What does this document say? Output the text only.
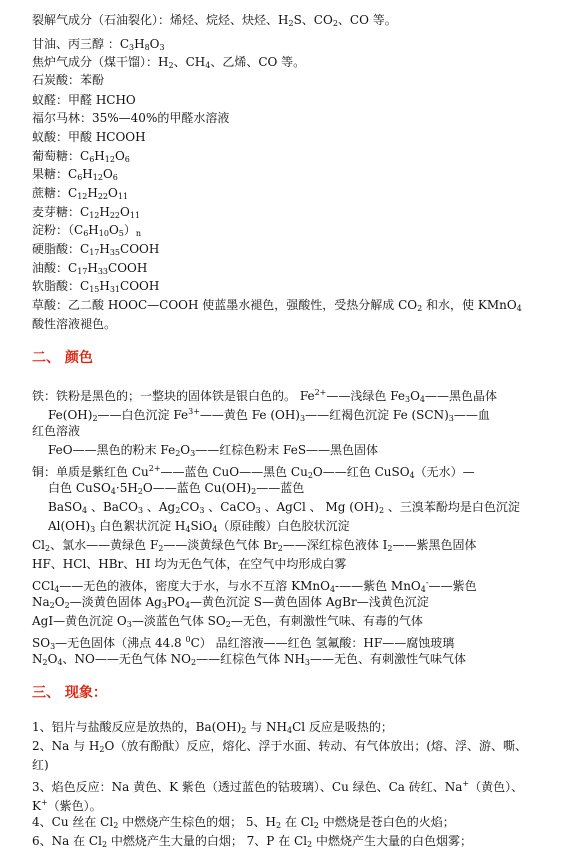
裂解气成分（石油裂化）：烯烃、烷烃、炔烃、$H_2S$、$CO_2$、CO 等。
甘油、丙三醇 ：$C_3H_8O_3$
焦炉气成分（煤干馏）：$H_2$、$CH_4$、乙烯、CO 等。
石炭酸：苯酚
蚁醛：甲醛 HCHO
福尔马林：35%—40%的甲醛水溶液
蚁酸：甲酸 HCOOH
葡萄糖：$C_6H_{12}O_6$
果糖：$C_6H_{12}O_6$
蔗糖：$C_{12}H_{22}O_{11}$
麦芽糖：$C_{12}H_{22}O_{11}$
淀粉：$(C_6H_{10}O_5)_n$
硬脂酸：$C_{17}H_{35}COOH$
油酸：$C_{17}H_{33}COOH$
软脂酸：$C_{15}H_{31}COOH$
草酸：乙二酸 HOOC—COOH 使蓝墨水褪色，强酸性，受热分解成 $CO_2$ 和水，使 KMnO$_4$
酸性溶液褪色。
二、 颜色
铁：铁粉是黑色的；一整块的固体铁是银白色的。 $Fe^{2+}——$浅绿色 $Fe_3O_4——$黑色晶体
$Fe(OH)_2——$白色沉淀 $Fe^{3+}——$黄色 Fe $(OH)_3——$红褐色沉淀 Fe $(SCN)_3——$血
红色溶液
FeO——黑色的粉末 $Fe_2O_3——$红棕色粉末 FeS——黑色固体
铜：单质是紫红色 $Cu^{2+}——$蓝色 CuO——黑色 $Cu_2O——$红色 CuSO$_4$（无水）—
白色 $CuSO_4\cdot 5H_2O——$蓝色 $Cu(OH)_2——$蓝色
BaSO$_4$ 、BaCO$_3$ 、$Ag_2CO_3$ 、CaCO$_3$ 、AgCl 、 Mg $(OH)_2$ 、三溴苯酚均是白色沉淀
$Al(OH)_3$ 白色絮状沉淀 $H_4SiO_4$（原硅酸）白色胶状沉淀
$Cl_2$、氯水——黄绿色 $F_2——$淡黄绿色气体 $Br_2——$深红棕色液体 $I_2——$紫黑色固体
HF、HCl、HBr、HI 均为无色气体，在空气中均形成白雾
CCl$_4$——无色的液体，密度大于水，与水不互溶 KMnO$_4$-——紫色 MnO$_4$-——紫色
$Na_2O_2—$淡黄色固体 $Ag_3PO_4—$黄色沉淀 S—黄色固体 AgBr—浅黄色沉淀
AgI—黄色沉淀 $O_3—$淡蓝色气体 $SO_2—$无色，有刺激性气味、有毒的气体
$SO_3—$无色固体（沸点 44.8 $^0$C） 品红溶液——红色 氢氟酸：HF——腐蚀玻璃
$N_2O_4$、NO——无色气体 $NO_2——$红棕色气体 $NH_3——$无色、有刺激性气味气体
三、 现象：
1、铝片与盐酸反应是放热的，$Ba(OH)_2$ 与 $NH_4Cl$ 反应是吸热的；
2、Na 与 $H_2O$（放有酚酞）反应，熔化、浮于水面、转动、有气体放出；(熔、浮、游、嘶、
红)
3、焰色反应：Na 黄色、K 紫色（透过蓝色的钴玻璃）、Cu 绿色、Ca 砖红、Na+（黄色）、
K+（紫色）。
4、Cu 丝在 $Cl_2$ 中燃烧产生棕色的烟； 5、$H_2$ 在 $Cl_2$ 中燃烧是苍白色的火焰；
6、Na 在 $Cl_2$ 中燃烧产生大量的白烟； 7、P 在 $Cl_2$ 中燃烧产生大量的白色烟雾；
